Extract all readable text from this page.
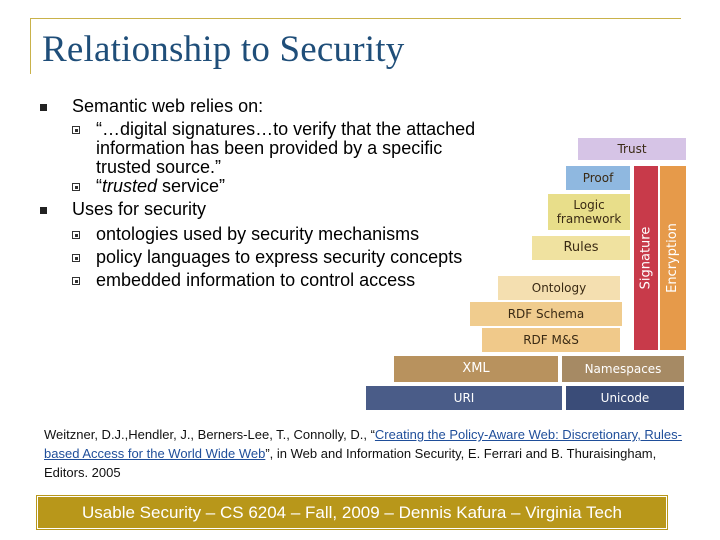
Relationship to Security
Semantic web relies on:
“…digital signatures…to verify that the attached information has been provided by a specific trusted source.”
“trusted service”
Uses for security
ontologies used by security mechanisms
policy languages to express security concepts
embedded information to control access
Trust
Proof
Logic framework
Rules
Ontology
RDF Schema
RDF M&S
XML	Namespaces
URI	Unicode
Signature Encryption
Weitzner, D.J.,Hendler, J., Berners-Lee, T., Connolly, D., “Creating the Policy-Aware Web: Discretionary, Rules-based Access for the World Wide Web”, in Web and Information Security, E. Ferrari and B. Thuraisingham, Editors. 2005
Usable Security – CS 6204 – Fall, 2009 – Dennis Kafura – Virginia Tech
